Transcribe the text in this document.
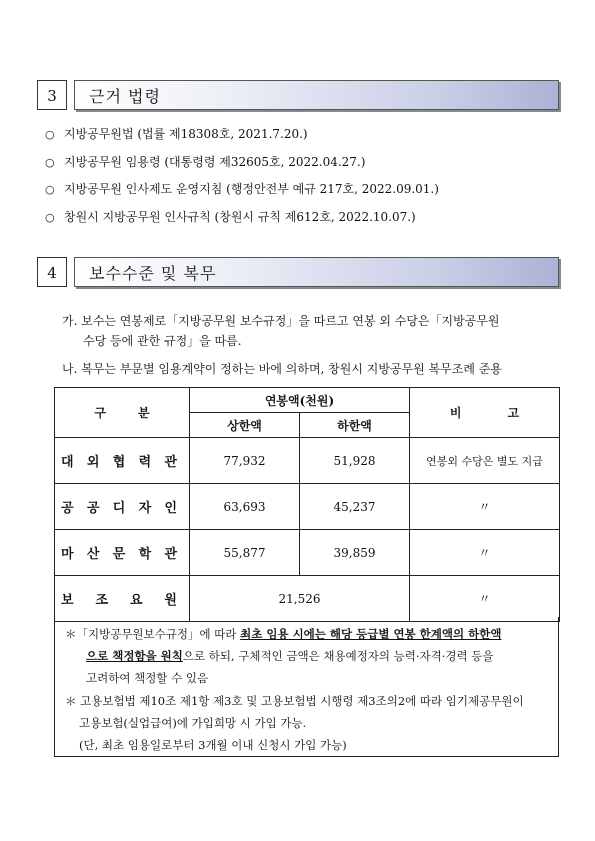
3	근거 법령
○ 지방공무원법 (법률 제18308호, 2021.7.20.)
○ 지방공무원 임용령 (대통령령 제32605호, 2022.04.27.)
○ 지방공무원 인사제도 운영지침 (행정안전부 예규 217호, 2022.09.01.)
○ 창원시 지방공무원 인사규칙 (창원시 규칙 제612호, 2022.10.07.)
4	보수수준 및 복무
가. 보수는 연봉제로「지방공무원 보수규정」을 따르고 연봉 외 수당은「지방공무원
수당 등에 관한 규정」을 따름.
나. 복무는 부문별 임용계약이 정하는 바에 의하며, 창원시 지방공무원 복무조례 준용
구 분	연봉액(천원)		비 고
	상한액	하한액	

대 외 협 력 관	77,932	51,928	연봉외 수당은 별도 지급

공 공 디 자 인	63,693	45,237	〃

마 산 문 학 관	55,877	39,859	〃

보 조 요 원	21,526		〃
＊「지방공무원보수규정」에 따라 최초 임용 시에는 해당 등급별 연봉 한계액의 하한액
으로 책정함을 원칙으로 하되, 구체적인 금액은 채용예정자의 능력·자격·경력 등을
고려하여 책정할 수 있음
＊ 고용보험법 제10조 제1항 제3호 및 고용보험법 시행령 제3조의2에 따라 임기제공무원이
고용보험(실업급여)에 가입희망 시 가입 가능.
(단, 최초 임용일로부터 3개월 이내 신청시 가입 가능)
